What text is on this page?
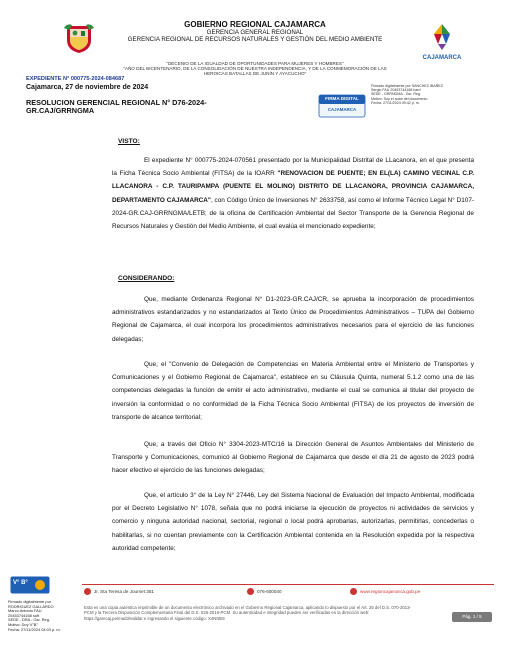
GOBIERNO REGIONAL CAJAMARCA
GERENCIA GENERAL REGIONAL
GERENCIA REGIONAL DE RECURSOS NATURALES Y GESTIÓN DEL MEDIO AMBIENTE
CAJAMARCA
"DECENIO DE LA IGUALDAD DE OPORTUNIDADES PARA MUJERES Y HOMBRES"
"AÑO DEL BICENTENARIO, DE LA CONSOLIDACIÓN DE NUESTRA INDEPENDENCIA, Y DE LA CONMEMORACIÓN DE LAS HEROICAS BATALLAS DE JUNÍN Y AYACUCHO"
EXPEDIENTE N° 000775-2024-084687
Cajamarca, 27 de noviembre de 2024
RESOLUCION GERENCIAL REGIONAL N° D76-2024-GR.CAJ/GRRNGMA
FIRMA DIGITAL
CAJAMARCA
Firmado digitalmente por SANCHEZ IBAÑEZ
Sergio FAU 20453744168 hard
SEDE - GRRNGMA - Gsr. Reg.
Motivo: Soy el autor del documento
Fecha: 27/11/2024 09:42 p. m.
VISTO:

El expediente N° 000775-2024-070561 presentado por la Municipalidad Distrital de LLacanora, en el que presenta la Ficha Técnica Socio Ambiental (FITSA) de la IOARR "RENOVACION DE PUENTE; EN EL(LA) CAMINO VECINAL C.P. LLACANORA - C.P. TAURIPAMPA (PUENTE EL MOLINO) DISTRITO DE LLACANORA, PROVINCIA CAJAMARCA, DEPARTAMENTO CAJAMARCA", con Código Único de Inversiones N° 2633758, así como el Informe Técnico Legal N° D107-2024-GR.CAJ-GRRNGMA/LETB; de la oficina de Certificación Ambiental del Sector Transporte de la Gerencia Regional de Recursos Naturales y Gestión del Medio Ambiente, el cual evalúa el mencionado expediente;

CONSIDERANDO:

Que, mediante Ordenanza Regional N° D1-2023-GR.CAJ/CR, se aprueba la incorporación de procedimientos administrativos estandarizados y no estandarizados al Texto Único de Procedimientos Administrativos – TUPA del Gobierno Regional de Cajamarca, el cual incorpora los procedimientos administrativos necesarios para el ejercicio de las funciones delegadas;

Que, el "Convenio de Delegación de Competencias en Materia Ambiental entre el Ministerio de Transportes y Comunicaciones y el Gobierno Regional de Cajamarca", establece en su Cláusula Quinta, numeral 5.1.2 como una de las competencias delegadas la función de emitir el acto administrativo, mediante el cual se comunica al titular del proyecto de inversión la conformidad o no conformidad de la Ficha Técnica Socio Ambiental (FITSA) de los proyectos de inversión de transporte de alcance territorial;

Que, a través del Oficio N° 3304-2023-MTC/16 la Dirección General de Asuntos Ambientales del Ministerio de Transporte y Comunicaciones, comunicó al Gobierno Regional de Cajamarca que desde el día 21 de agosto de 2023 podrá hacer efectivo el ejercicio de las funciones delegadas;

Que, el artículo 3° de la Ley N° 27446, Ley del Sistema Nacional de Evaluación del Impacto Ambiental, modificada por el Decreto Legislativo N° 1078, señala que no podrá iniciarse la ejecución de proyectos ni actividades de servicios y comercio y ninguna autoridad nacional, sectorial, regional o local podrá aprobarlas, autorizarlas, permitirlas, concederlas o habilitarlas, si no cuentan previamente con la Certificación Ambiental contenida en la Resolución expedida por la respectiva autoridad competente;

V° B°
Firmado digitalmente por
RODRIGUEZ GALLARDO
Marco Antonio FAU
20453744168 soft
SEDE - DRA - Gsr. Reg.
Motivo: Doy V°B°
Fecha: 27/11/2024 04:03 p. m.
Jr. Sta Teresa de Journet 351	076-600040	www.regioncajamarca.gob.pe
Esta es una copia auténtica imprimible de un documento electrónico archivado en el Gobierno Regional Cajamarca, aplicando lo dispuesto por el Art. 25 del D.S. 070-2013-PCM y la Tercera Disposición Complementaria Final del D.S. 026-2016-PCM. Su autenticidad e integridad pueden ser verificadas en la dirección web: https://garecaj.pe/mad3/validar e ingresando el siguiente código: X4NNE8	Pág. 1 / 5
